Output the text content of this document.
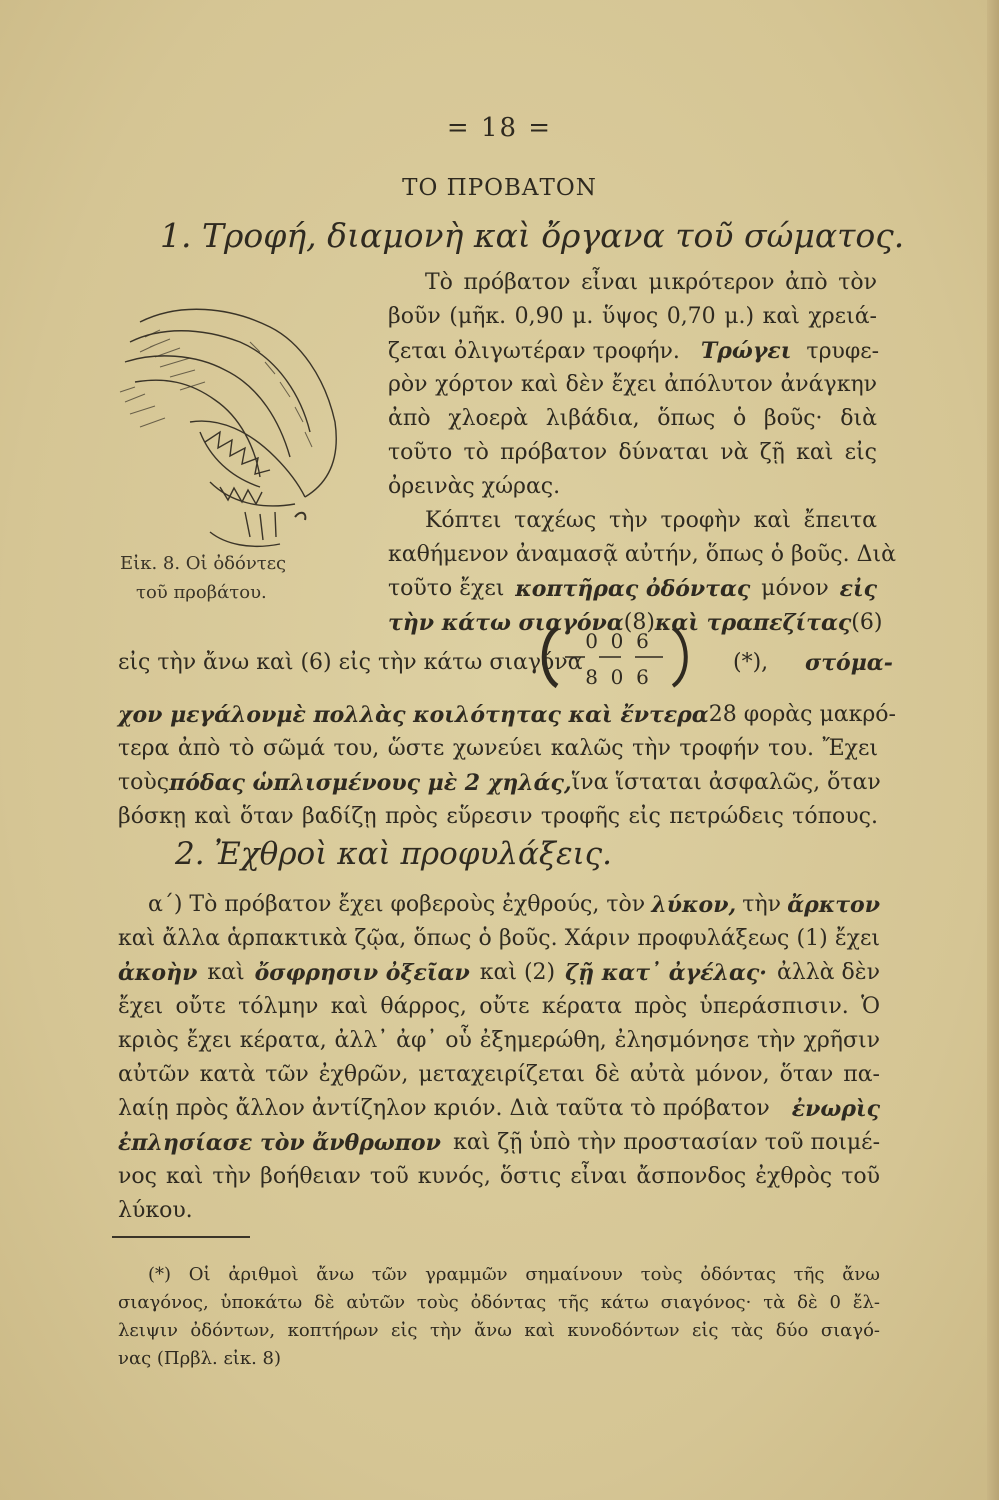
= 18 =
ΤΟ ΠΡΟΒΑΤΟΝ
1. Τροφή, διαμονὴ καὶ ὄργανα τοῦ σώματος.
Εἰκ. 8. Οἱ ὀδόντες
τοῦ προβάτου.
Τὸ πρόβατον εἶναι μικρότερον ἀπὸ τὸν
βοῦν (μῆκ. 0,90 μ. ὕψος 0,70 μ.) καὶ χρειά-
ζεται ὀλιγωτέραν τροφήν. Τρώγει τρυφε-
ρὸν χόρτον καὶ δὲν ἔχει ἀπόλυτον ἀνάγκην
ἀπὸ χλοερὰ λιβάδια, ὅπως ὁ βοῦς· διὰ
τοῦτο τὸ πρόβατον δύναται νὰ ζῇ καὶ εἰς
ὀρεινὰς χώρας.
Κόπτει ταχέως τὴν τροφὴν καὶ ἔπειτα
καθήμενον ἀναμασᾷ αὐτήν, ὅπως ὁ βοῦς. Διὰ
τοῦτο ἔχει κοπτῆρας ὀδόντας μόνον εἰς
τὴν κάτω σιαγόνα (8) καὶ τραπεζίτας (6)
εἰς τὴν ἄνω καὶ (6) εἰς τὴν κάτω σιαγόνα
0  0  6
8  0  6
(*), στόμα-
χον μεγάλον μὲ πολλὰς κοιλότητας καὶ ἔντερα 28 φορὰς μακρό-
τερα ἀπὸ τὸ σῶμά του, ὥστε χωνεύει καλῶς τὴν τροφήν του. Ἔχει
τοὺς πόδας ὡπλισμένους μὲ 2 χηλάς, ἵνα ἵσταται ἀσφαλῶς, ὅταν
βόσκῃ καὶ ὅταν βαδίζῃ πρὸς εὕρεσιν τροφῆς εἰς πετρώδεις τόπους.
2. Ἐχθροὶ καὶ προφυλάξεις.
α΄) Τὸ πρόβατον ἔχει φοβεροὺς ἐχθρούς, τὸν λύκον, τὴν ἄρκτον
καὶ ἄλλα ἁρπακτικὰ ζῷα, ὅπως ὁ βοῦς. Χάριν προφυλάξεως (1) ἔχει
ἀκοὴν καὶ ὄσφρησιν ὀξεῖαν καὶ (2) ζῇ κατ᾽ ἀγέλας· ἀλλὰ δὲν
ἔχει οὔτε τόλμην καὶ θάρρος, οὔτε κέρατα πρὸς ὑπεράσπισιν. Ὁ
κριὸς ἔχει κέρατα, ἀλλ᾽ ἀφ᾽ οὗ ἐξημερώθη, ἐλησμόνησε τὴν χρῆσιν
αὐτῶν κατὰ τῶν ἐχθρῶν, μεταχειρίζεται δὲ αὐτὰ μόνον, ὅταν πα-
λαίῃ πρὸς ἄλλον ἀντίζηλον κριόν. Διὰ ταῦτα τὸ πρόβατον ἐνωρὶς
ἐπλησίασε τὸν ἄνθρωπον καὶ ζῇ ὑπὸ τὴν προστασίαν τοῦ ποιμέ-
νος καὶ τὴν βοήθειαν τοῦ κυνός, ὅστις εἶναι ἄσπονδος ἐχθρὸς τοῦ
λύκου.
(*) Οἱ ἀριθμοὶ ἄνω τῶν γραμμῶν σημαίνουν τοὺς ὀδόντας τῆς ἄνω
σιαγόνος, ὑποκάτω δὲ αὐτῶν τοὺς ὀδόντας τῆς κάτω σιαγόνος· τὰ δὲ 0 ἔλ-
λειψιν ὀδόντων, κοπτήρων εἰς τὴν ἄνω καὶ κυνοδόντων εἰς τὰς δύο σιαγό-
νας (Πρβλ. εἰκ. 8)
